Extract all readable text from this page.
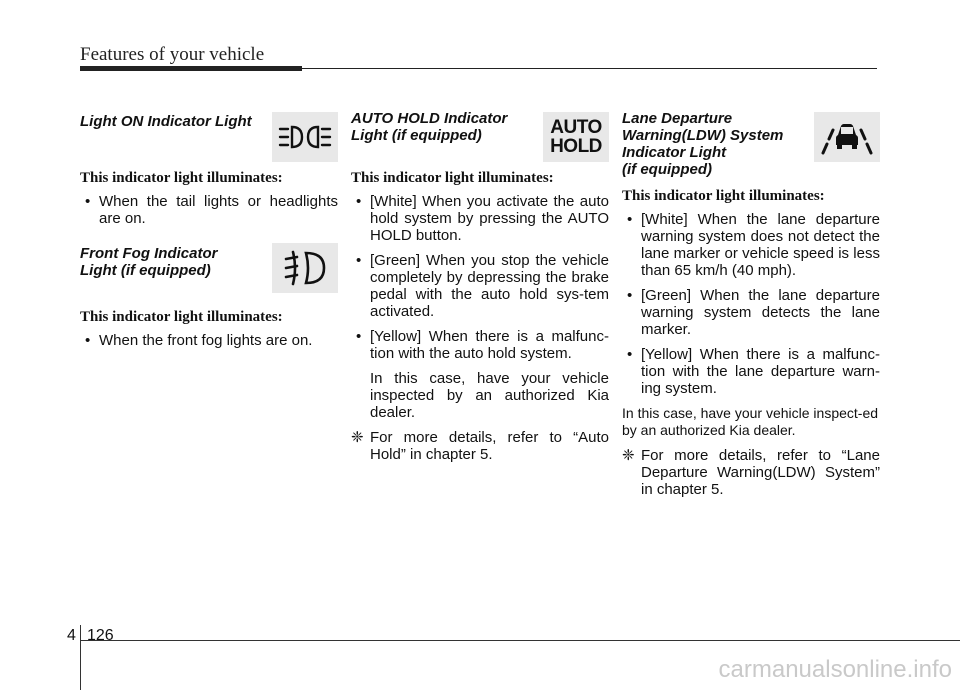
Features of your vehicle
Light ON Indicator Light
This indicator light illuminates:
• When the tail lights or headlights are on.
Front Fog Indicator
Light (if equipped)
This indicator light illuminates:
• When the front fog lights are on.
AUTO HOLD Indicator
Light (if equipped)	AUTO
HOLD
This indicator light illuminates:
• [White] When you activate the auto hold system by pressing the AUTO HOLD button.
• [Green] When you stop the vehicle completely by depressing the brake pedal with the auto hold sys-tem activated.
• [Yellow] When there is a malfunc-tion with the auto hold system.
In this case, have your vehicle inspected by an authorized Kia dealer.
❈ For more details, refer to “Auto Hold” in chapter 5.
Lane Departure
Warning(LDW) System
Indicator Light
(if equipped)
This indicator light illuminates:
• [White] When the lane departure warning system does not detect the lane marker or vehicle speed is less than 65 km/h (40 mph).
• [Green] When the lane departure warning system detects the lane marker.
• [Yellow] When there is a malfunc-tion with the lane departure warn-ing system.
In this case, have your vehicle inspect-ed by an authorized Kia dealer.
❈ For more details, refer to “Lane Departure Warning(LDW) System” in chapter 5.
4 126
carmanualsonline.info
